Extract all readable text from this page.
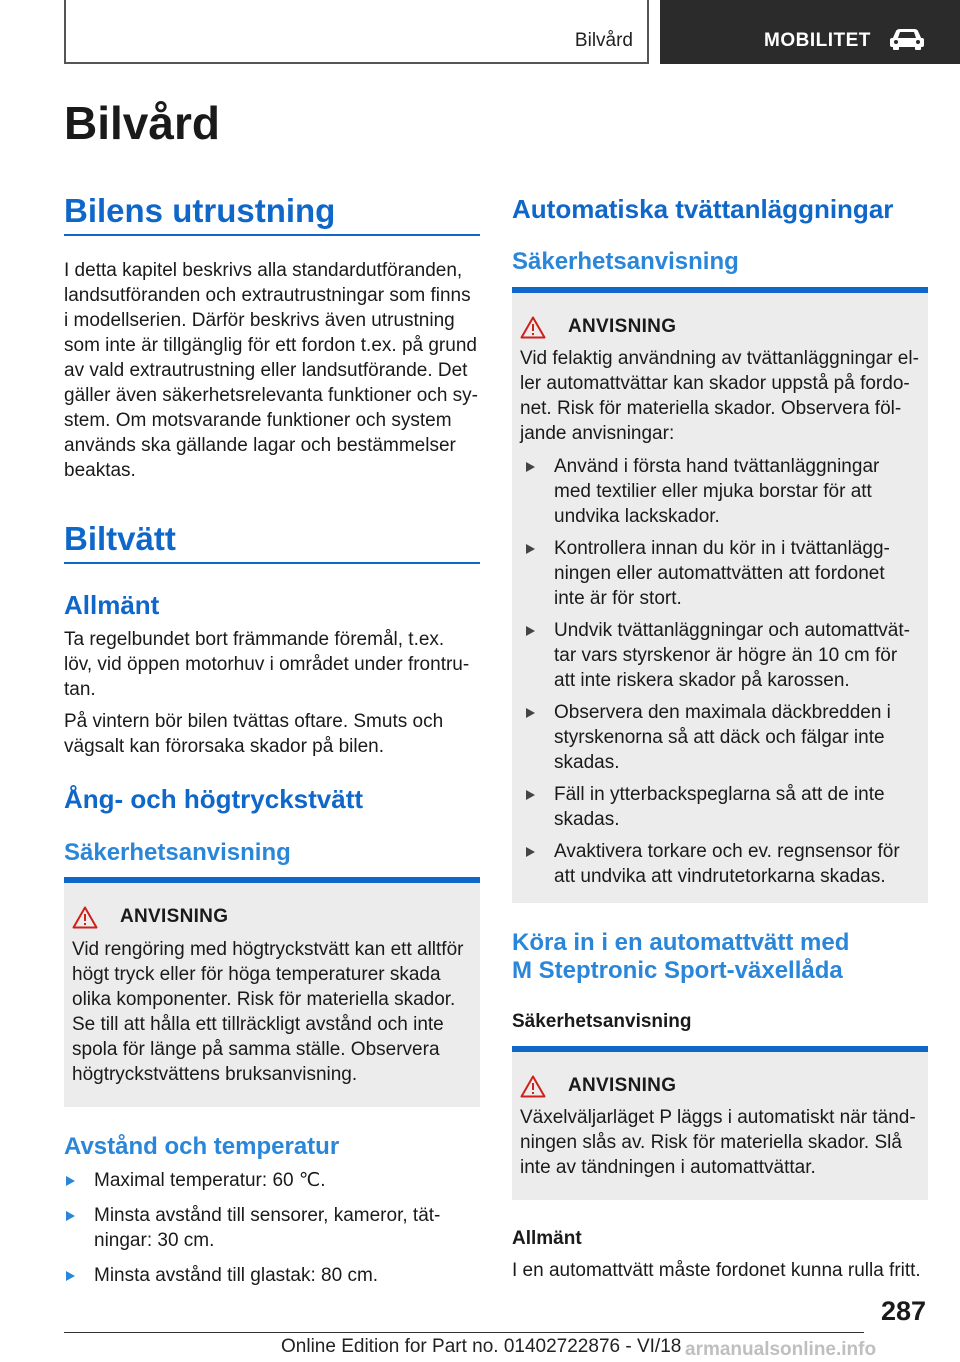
Bilvård	MOBILITET
Bilvård
Bilens utrustning
I detta kapitel beskrivs alla standardutföranden,
landsutföranden och extrautrustningar som finns
i modellserien. Därför beskrivs även utrustning
som inte är tillgänglig för ett fordon t.ex. på grund
av vald extrautrustning eller landsutförande. Det
gäller även säkerhetsrelevanta funktioner och sy‐
stem. Om motsvarande funktioner och system
används ska gällande lagar och bestämmelser
beaktas.
Biltvätt
Allmänt
Ta regelbundet bort främmande föremål, t.ex.
löv, vid öppen motorhuv i området under frontru‐
tan.
På vintern bör bilen tvättas oftare. Smuts och
vägsalt kan förorsaka skador på bilen.
Ång- och högtryckstvätt
Säkerhetsanvisning
ANVISNING
Vid rengöring med högtryckstvätt kan ett alltför
högt tryck eller för höga temperaturer skada
olika komponenter. Risk för materiella skador.
Se till att hålla ett tillräckligt avstånd och inte
spola för länge på samma ställe. Observera
högtryckstvättens bruksanvisning.
Avstånd och temperatur
Maximal temperatur: 60 ℃.
Minsta avstånd till sensorer, kameror, tät‐
ningar: 30 cm.
Minsta avstånd till glastak: 80 cm.
Automatiska tvättanläggningar
Säkerhetsanvisning
ANVISNING
Vid felaktig användning av tvättanläggningar el‐
ler automattvättar kan skador uppstå på fordo‐
net. Risk för materiella skador. Observera föl‐
jande anvisningar:
Använd i första hand tvättanläggningar
med textilier eller mjuka borstar för att
undvika lackskador.
Kontrollera innan du kör in i tvättanlägg‐
ningen eller automattvätten att fordonet
inte är för stort.
Undvik tvättanläggningar och automattvät‐
tar vars styrskenor är högre än 10 cm för
att inte riskera skador på karossen.
Observera den maximala däckbredden i
styrskenorna så att däck och fälgar inte
skadas.
Fäll in ytterbackspeglarna så att de inte
skadas.
Avaktivera torkare och ev. regnsensor för
att undvika att vindrutetorkarna skadas.
Köra in i en automattvätt med
M Steptronic Sport-växellåda
Säkerhetsanvisning
ANVISNING
Växelväljarläget P läggs i automatiskt när tänd‐
ningen slås av. Risk för materiella skador. Slå
inte av tändningen i automattvättar.
Allmänt

I en automattvätt måste fordonet kunna rulla fritt.

287
Online Edition for Part no. 01402722876 - VI/18 armanualsonline.info
